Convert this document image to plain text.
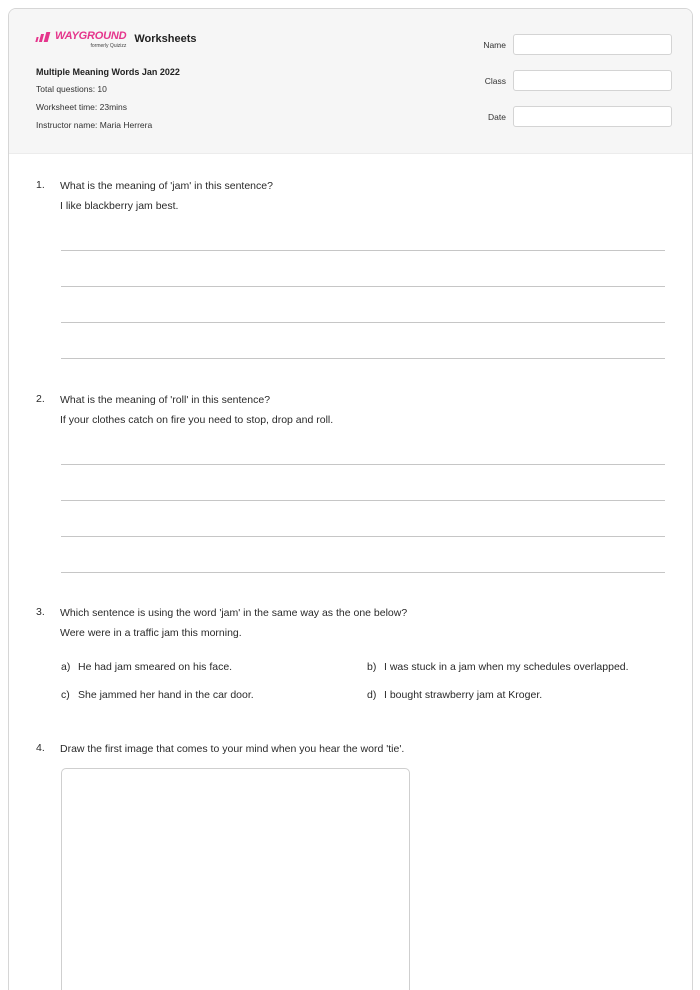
WAYGROUND
formerly Quizizz
Worksheets
Multiple Meaning Words Jan 2022
Total questions: 10
Worksheet time: 23mins
Instructor name: Maria Herrera
Name
Class
Date
1. What is the meaning of 'jam' in this sentence?
I like blackberry jam best.
2. What is the meaning of 'roll' in this sentence?
If your clothes catch on fire you need to stop, drop and roll.
3. Which sentence is using the word 'jam' in the same way as the one below?
Were were in a traffic jam this morning.
a) He had jam smeared on his face.	b) I was stuck in a jam when my schedules overlapped.
c) She jammed her hand in the car door.	d) I bought strawberry jam at Kroger.
4. Draw the first image that comes to your mind when you hear the word 'tie'.
